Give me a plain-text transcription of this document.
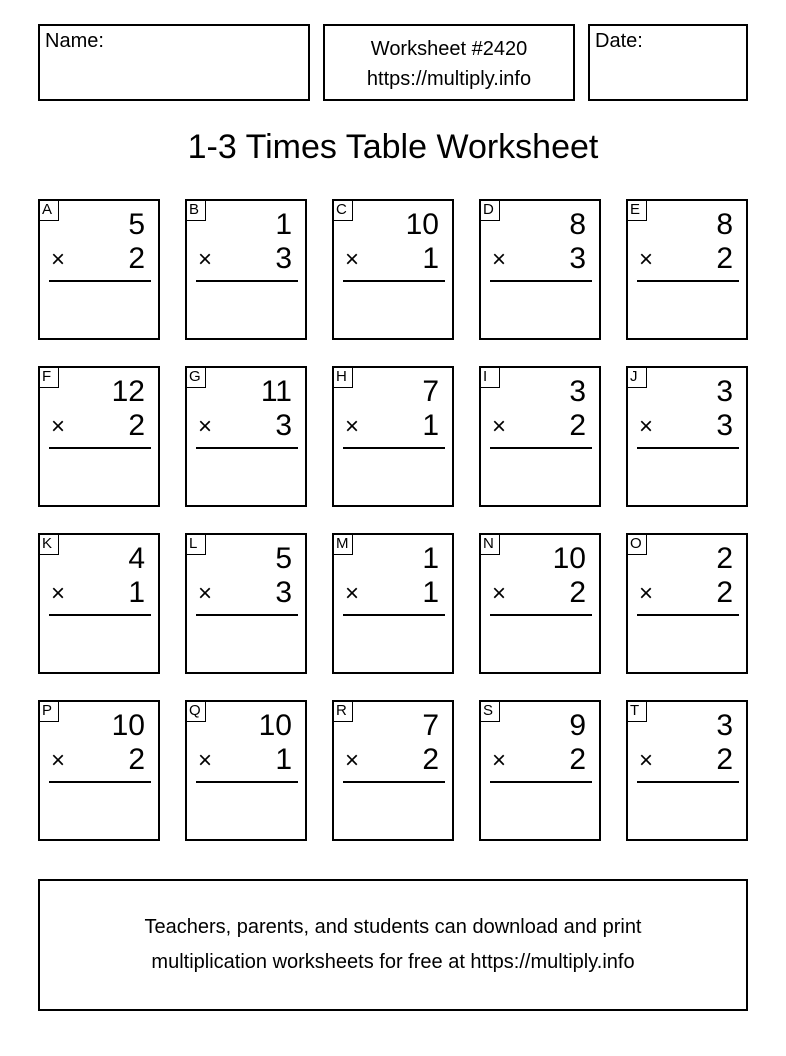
Name:	Worksheet #2420
https://multiply.info
Date:
1-3 Times Table Worksheet
A	5
× 2
B	1
× 3
C 10
× 1
D	8
× 3
E	8
× 2
F 12
× 2
G 11
× 3
H	7
× 1
I	3
× 2
J	3
× 3
K	4
× 1
L	5
× 3
M 1
× 1
N 10
× 2
O 2
× 2
P 10
× 2
Q 10
× 1
R	7
× 2
S	9
× 2
T	3
× 2
Teachers, parents, and students can download and print
multiplication worksheets for free at https://multiply.info
